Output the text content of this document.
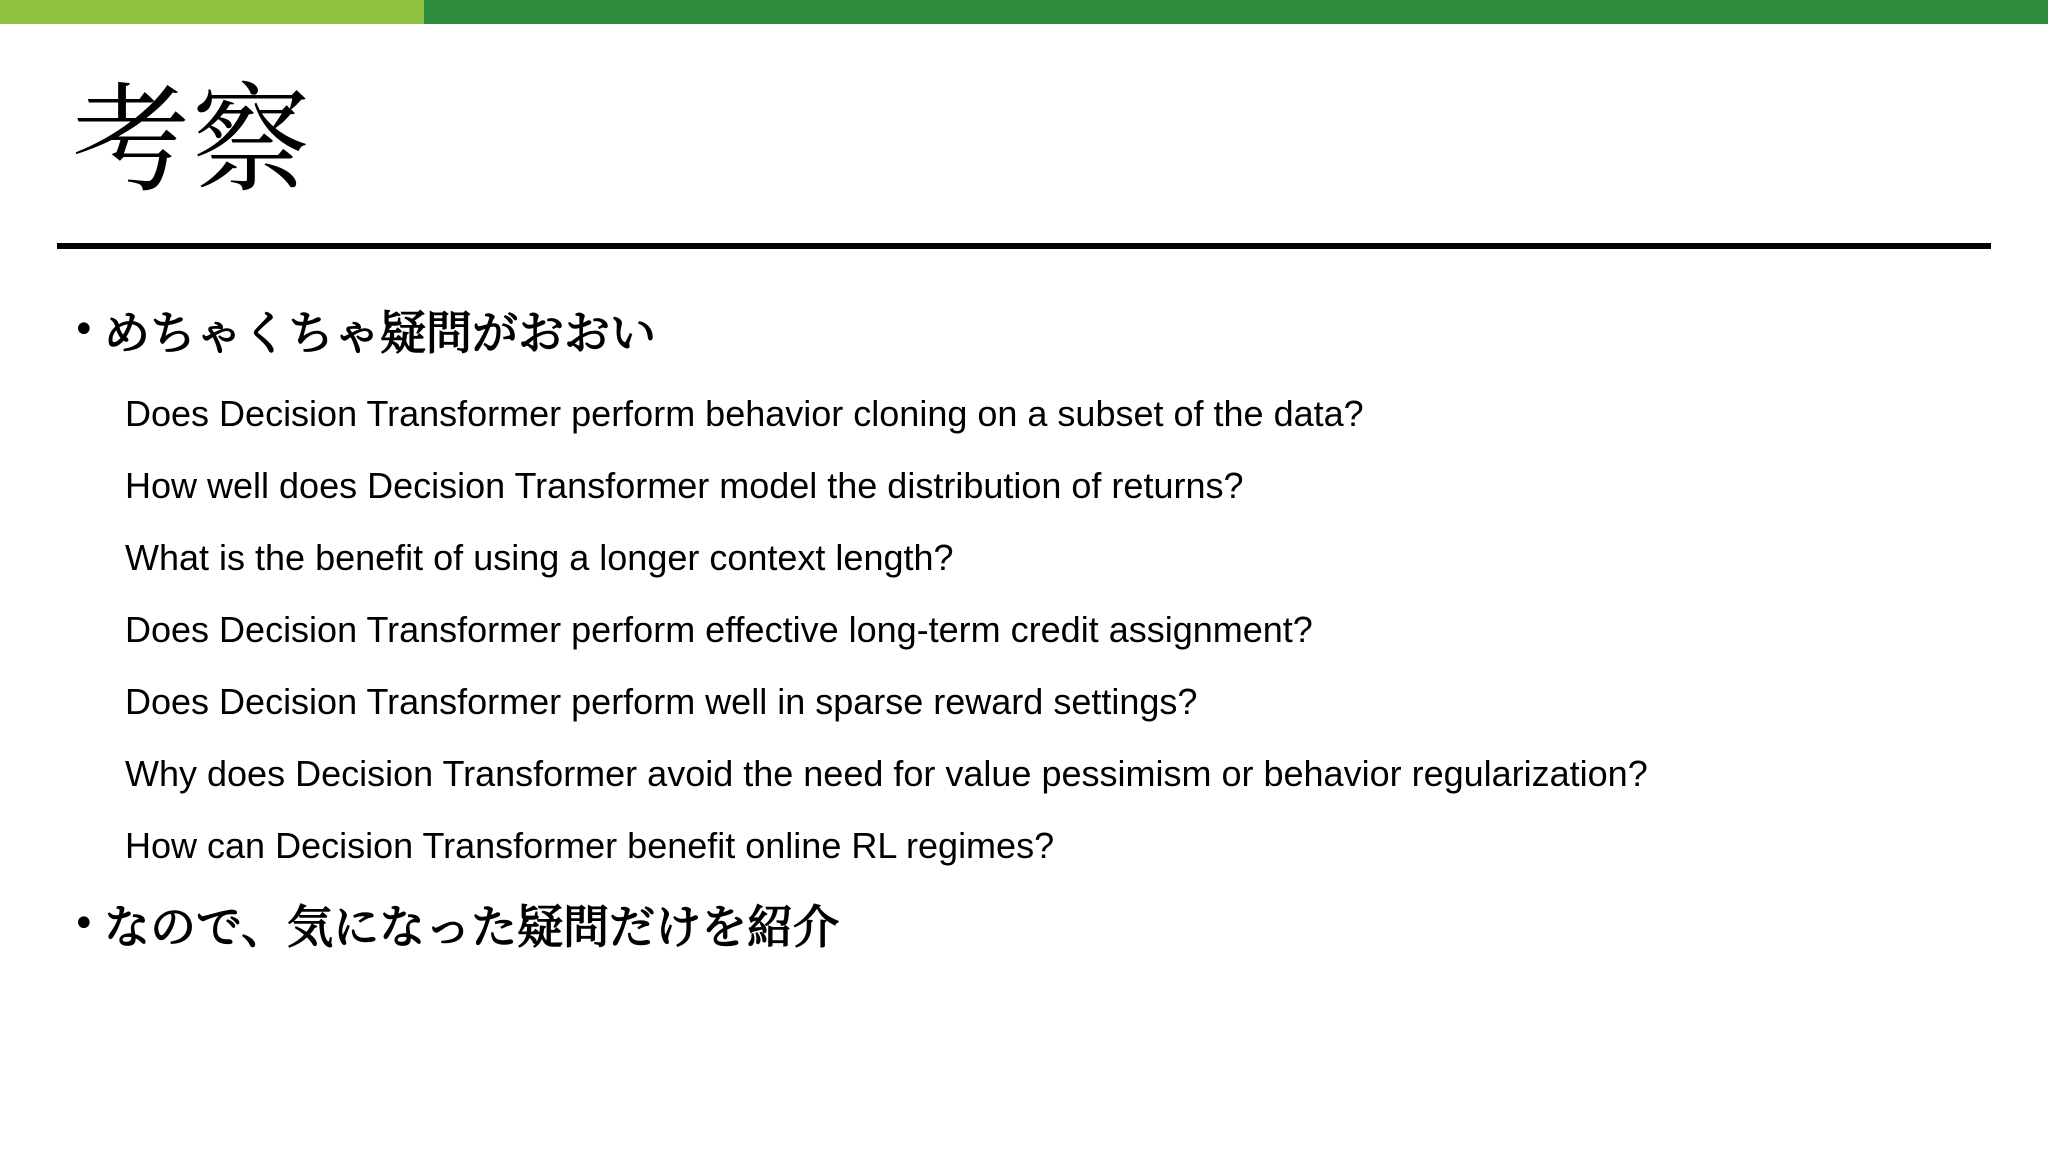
考察
• めちゃくちゃ疑問がおおい
Does Decision Transformer perform behavior cloning on a subset of the data?
How well does Decision Transformer model the distribution of returns?
What is the benefit of using a longer context length?
Does Decision Transformer perform effective long-term credit assignment?
Does Decision Transformer perform well in sparse reward settings?
Why does Decision Transformer avoid the need for value pessimism or behavior regularization?
How can Decision Transformer benefit online RL regimes?
• なので、気になった疑問だけを紹介
